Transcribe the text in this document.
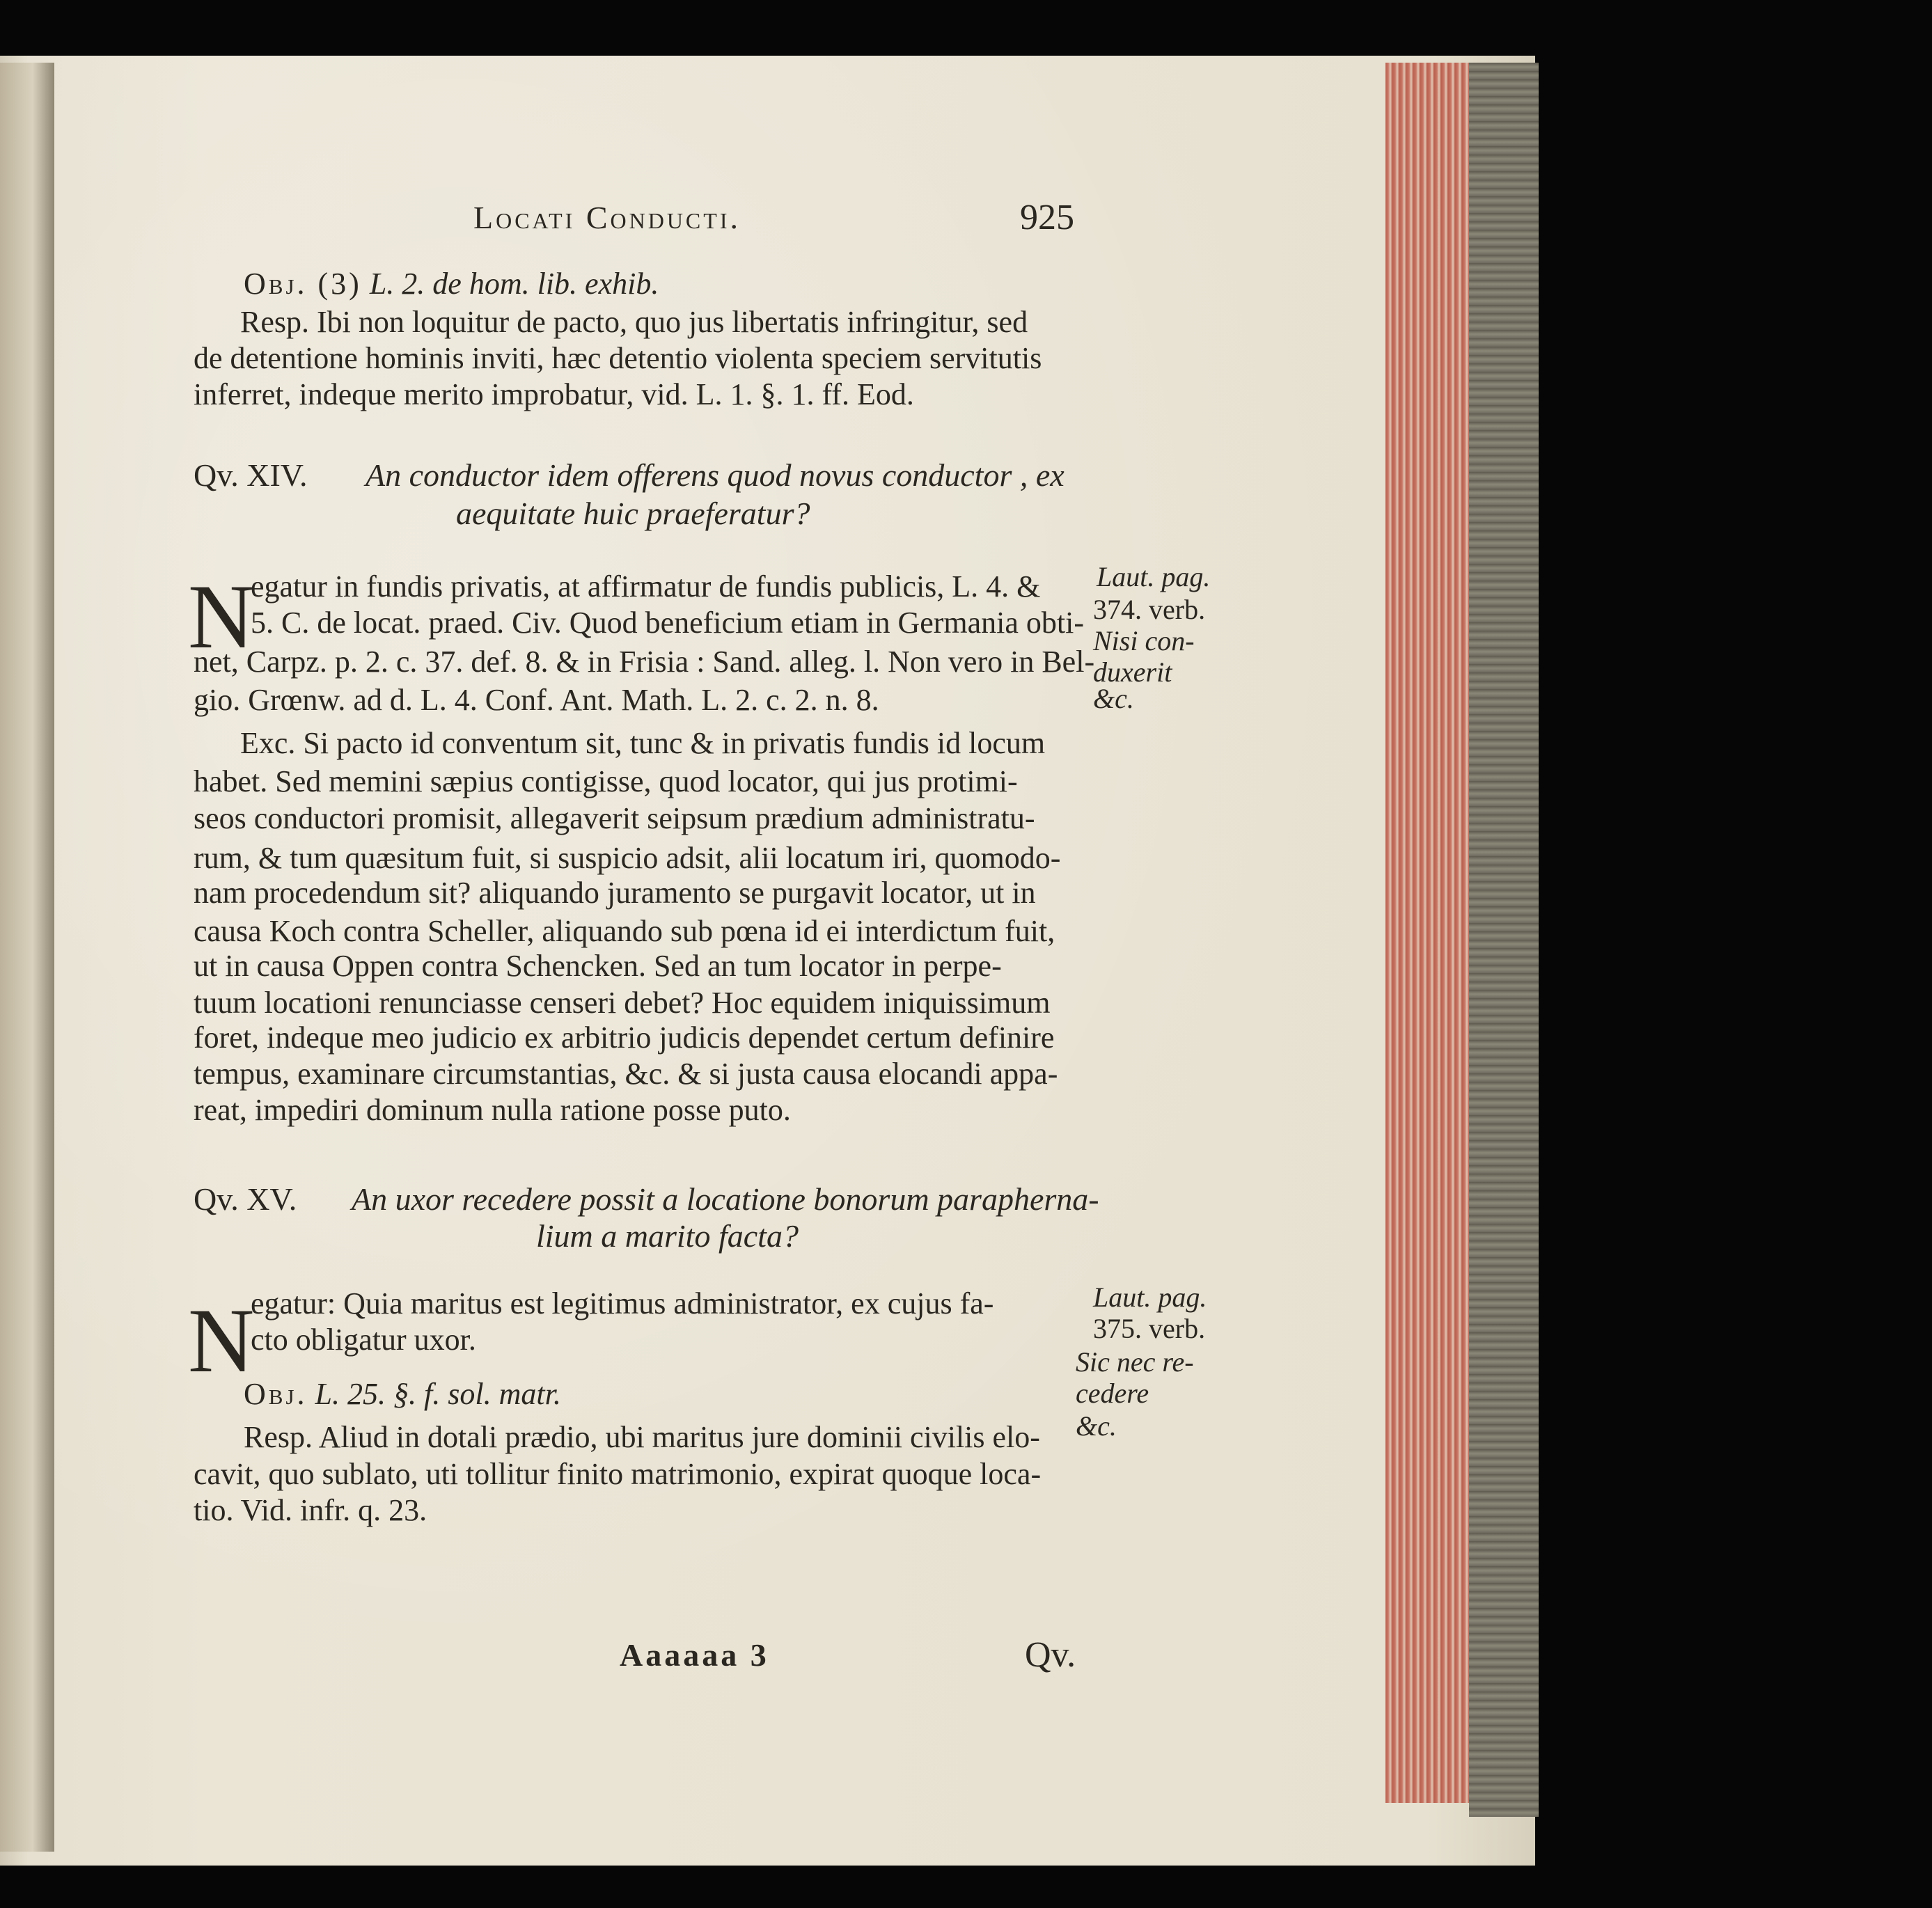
Locati Conducti.	925
Obj. (3) L. 2. de hom. lib. exhib.
Resp. Ibi non loquitur de pacto, quo jus libertatis infringitur, sed
de detentione hominis inviti, hæc detentio violenta speciem servitutis
inferret, indeque merito improbatur, vid. L. 1. §. 1. ff. Eod.
Qv. XIV. An conductor idem offerens quod novus conductor , ex
aequitate huic praeferatur?
N
egatur in fundis privatis, at affirmatur de fundis publicis, L. 4. &
5. C. de locat. praed. Civ. Quod beneficium etiam in Germania obti-
net, Carpz. p. 2. c. 37. def. 8. & in Frisia : Sand. alleg. l. Non vero in Bel-
gio. Grœnw. ad d. L. 4. Conf. Ant. Math. L. 2. c. 2. n. 8.
Laut. pag.
374. verb.
Nisi con-
duxerit
&c.
Exc. Si pacto id conventum sit, tunc & in privatis fundis id locum
habet. Sed memini sæpius contigisse, quod locator, qui jus protimi-
seos conductori promisit, allegaverit seipsum prædium administratu-
rum, & tum quæsitum fuit, si suspicio adsit, alii locatum iri, quomodo-
nam procedendum sit? aliquando juramento se purgavit locator, ut in
causa Koch contra Scheller, aliquando sub pœna id ei interdictum fuit,
ut in causa Oppen contra Schencken. Sed an tum locator in perpe-
tuum locationi renunciasse censeri debet? Hoc equidem iniquissimum
foret, indeque meo judicio ex arbitrio judicis dependet certum definire
tempus, examinare circumstantias, &c. & si justa causa elocandi appa-
reat, impediri dominum nulla ratione posse puto.
Qv. XV. An uxor recedere possit a locatione bonorum parapherna-
lium a marito facta?
N
egatur: Quia maritus est legitimus administrator, ex cujus fa-
cto obligatur uxor.
Laut. pag.
375. verb.
Sic nec re-
cedere
&c.
Obj. L. 25. §. f. sol. matr.
Resp. Aliud in dotali prædio, ubi maritus jure dominii civilis elo-
cavit, quo sublato, uti tollitur finito matrimonio, expirat quoque loca-
tio. Vid. infr. q. 23.
Aaaaaa 3	Qv.
